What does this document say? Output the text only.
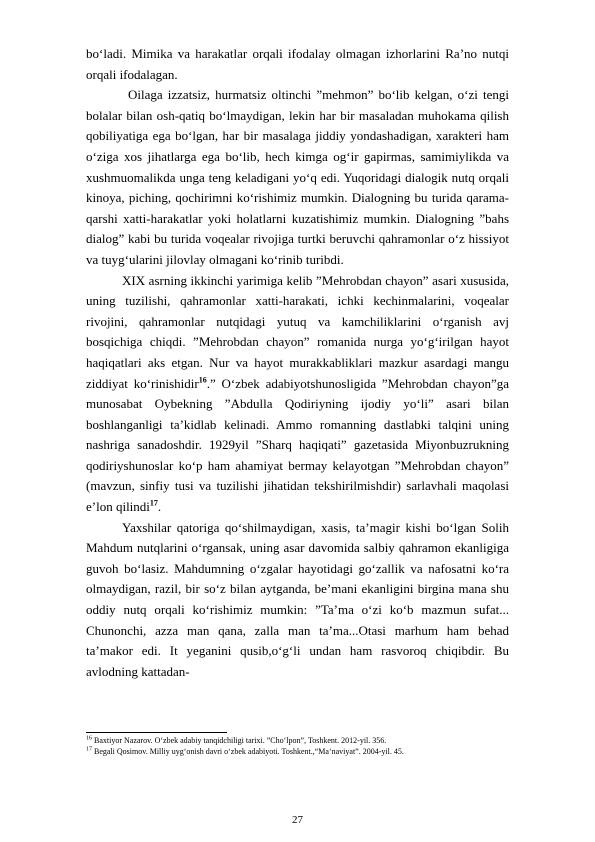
boʻladi. Mimika va harakatlar orqali ifodalay olmagan izhorlarini Ra’no nutqi orqali ifodalagan.

Oilaga izzatsiz, hurmatsiz oltinchi ”mehmon” boʻlib kelgan, oʻzi tengi bolalar bilan osh-qatiq boʻlmaydigan, lekin har bir masaladan muhokama qilish qobiliyatiga ega boʻlgan, har bir masalaga jiddiy yondashadigan, xarakteri ham oʻziga xos jihatlarga ega boʻlib, hech kimga ogʻir gapirmas, samimiylikda va xushmuomalikda unga teng keladigani yoʻq edi. Yuqoridagi dialogik nutq orqali kinoya, piching, qochirimni koʻrishimiz mumkin. Dialogning bu turida qarama-qarshi xatti-harakatlar yoki holatlarni kuzatishimiz mumkin. Dialogning ”bahs dialog” kabi bu turida voqealar rivojiga turtki beruvchi qahramonlar oʻz hissiyot va tuygʻularini jilovlay olmagani koʻrinib turibdi.

XIX asrning ikkinchi yarimiga kelib ”Mehrobdan chayon” asari xususida, uning tuzilishi, qahramonlar xatti-harakati, ichki kechinmalarini, voqealar rivojini, qahramonlar nutqidagi yutuq va kamchiliklarini oʻrganish avj bosqichiga chiqdi. ”Mehrobdan chayon” romanida nurga yoʻgʻirilgan hayot haqiqatlari aks etgan. Nur va hayot murakkabliklari mazkur asardagi mangu ziddiyat koʻrinishidir$^{16}$.” Oʻzbek adabiyotshunosligida ”Mehrobdan chayon”ga munosabat Oybekning ”Abdulla Qodiriyning ijodiy yoʻli” asari bilan boshlanganligi ta’kidlab kelinadi. Ammo romanning dastlabki talqini uning nashriga sanadoshdir. 1929yil ”Sharq haqiqati” gazetasida Miyonbuzrukning qodiriyshunoslar koʻp ham ahamiyat bermay kelayotgan ”Mehrobdan chayon” (mavzun, sinfiy tusi va tuzilishi jihatidan tekshirilmishdir) sarlavhali maqolasi e’lon qilindi$^{17}$.

Yaxshilar qatoriga qoʻshilmaydigan, xasis, ta’magir kishi boʻlgan Solih Mahdum nutqlarini oʻrgansak, uning asar davomida salbiy qahramon ekanligiga guvoh boʻlasiz. Mahdumning oʻzgalar hayotidagi goʻzallik va nafosatni koʻra olmaydigan, razil, bir soʻz bilan aytganda, be’mani ekanligini birgina mana shu oddiy nutq orqali koʻrishimiz mumkin: ”Ta’ma oʻzi koʻb mazmun sufat... Chunonchi, azza man qana, zalla man ta’ma...Otasi marhum ham behad ta’makor edi. It yeganini qusib,oʻgʻli undan ham rasvoroq chiqibdir. Bu avlodning kattadan-

$^{16}$ Baxtiyor Nazarov. Oʻzbek adabiy tanqidchiligi tarixi. ”Choʻlpon”, Toshkent. 2012-yil. 356.
$^{17}$ Begali Qosimov. Milliy uygʻonish davri oʻzbek adabiyoti. Toshkent.,“Maʻnaviyat”. 2004-yil. 45.
27
